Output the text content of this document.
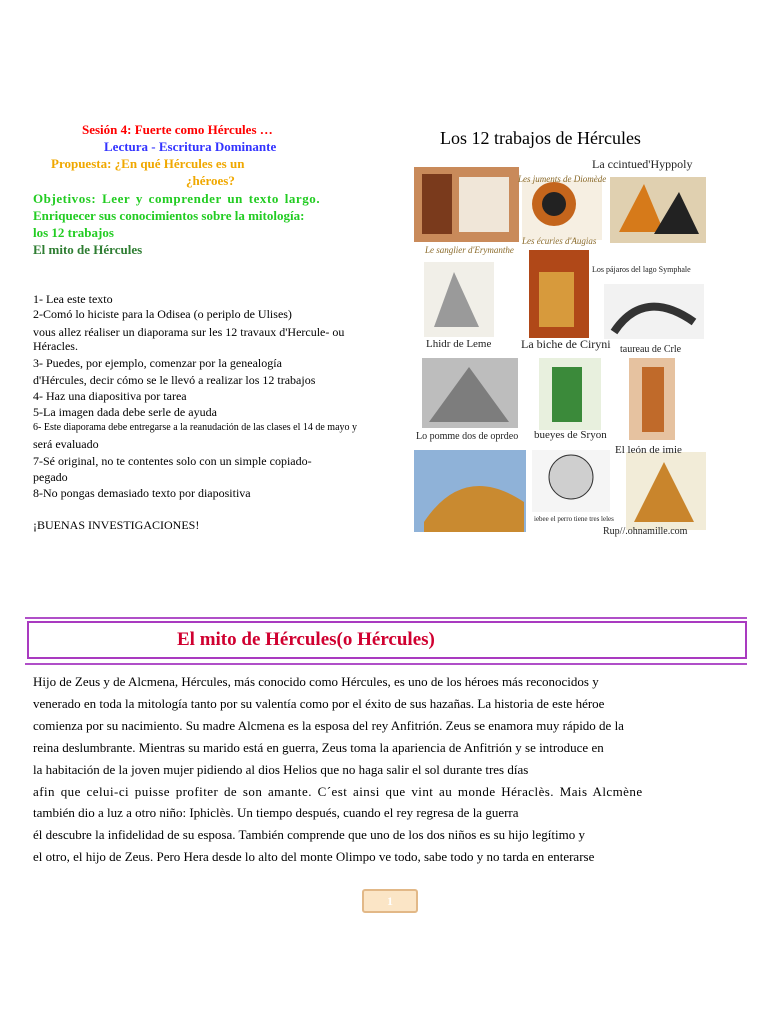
Sesión 4: Fuerte como Hércules …
Lectura - Escritura Dominante
Propuesta: ¿En qué Hércules es un
¿héroes?
Objetivos: Leer y comprender un texto largo.
Enriquecer sus conocimientos sobre la mitología:
los 12 trabajos
El mito de Hércules
1- Lea este texto
2-Comó lo hiciste para la Odisea (o periplo de Ulises)
vous allez réaliser un diaporama sur les 12 travaux d'Hercule- ou
Héracles.
3- Puedes, por ejemplo, comenzar por la genealogía
d'Hércules, decir cómo se le llevó a realizar los 12 trabajos
4- Haz una diapositiva por tarea
5-La imagen dada debe serle de ayuda
6- Este diaporama debe entregarse a la reanudación de las clases el 14 de mayo y
será evaluado
7-Sé original, no te contentes solo con un simple copiado-
pegado
8-No pongas demasiado texto por diapositiva
¡BUENAS INVESTIGACIONES!
Los 12 trabajos de Hércules
La ccintued'Hyppoly
Les juments de Diomède
Les écuries d'Augias
Le sanglier d'Erymanthe
Los pájaros del lago Symphale
Lhidr de Leme La biche de Ciryni taureau de Crle
Lo pomme dos de oprdeo bueyes de Sryon
El león de imie
iebee el perro tiene tres leles
Rup//.ohnamille.com
El mito de Hércules(o Hércules)
Hijo de Zeus y de Alcmena, Hércules, más conocido como Hércules, es uno de los héroes más reconocidos y
venerado en toda la mitología tanto por su valentía como por el éxito de sus hazañas. La historia de este héroe
comienza por su nacimiento. Su madre Alcmena es la esposa del rey Anfitrión. Zeus se enamora muy rápido de la
reina deslumbrante. Mientras su marido está en guerra, Zeus toma la apariencia de Anfitrión y se introduce en
la habitación de la joven mujer pidiendo al dios Helios que no haga salir el sol durante tres días
afin que celui-ci puisse profiter de son amante. C´est ainsi que vint au monde Héraclès. Mais Alcmène
también dio a luz a otro niño: Iphiclès. Un tiempo después, cuando el rey regresa de la guerra
él descubre la infidelidad de su esposa. También comprende que uno de los dos niños es su hijo legítimo y
el otro, el hijo de Zeus. Pero Hera desde lo alto del monte Olimpo ve todo, sabe todo y no tarda en enterarse
1
